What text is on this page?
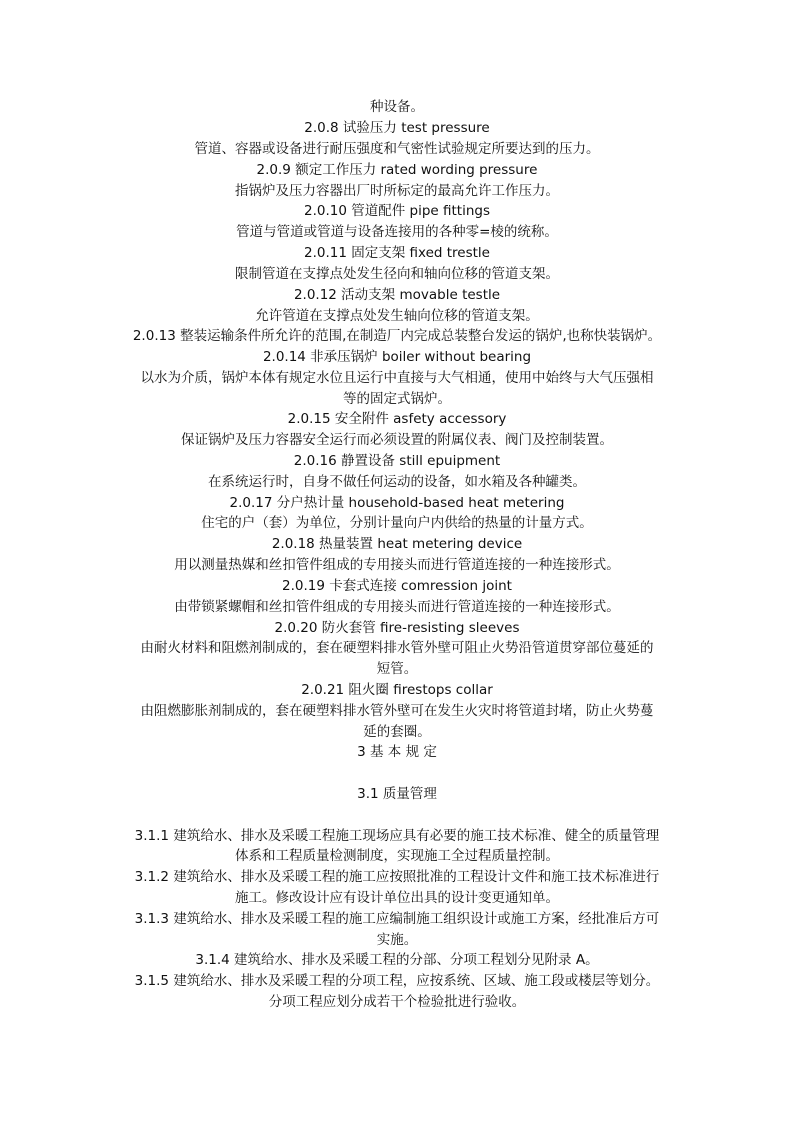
种设备。
2.0.8 试验压力 test pressure
管道、容器或设备进行耐压强度和气密性试验规定所要达到的压力。
2.0.9 额定工作压力 rated wording pressure
指锅炉及压力容器出厂时所标定的最高允许工作压力。
2.0.10 管道配件 pipe fittings
管道与管道或管道与设备连接用的各种零=棱的统称。
2.0.11 固定支架 fixed trestle
限制管道在支撑点处发生径向和轴向位移的管道支架。
2.0.12 活动支架 movable testle
允许管道在支撑点处发生轴向位移的管道支架。
2.0.13 整装运输条件所允许的范围,在制造厂内完成总装整台发运的锅炉,也称快装锅炉。
2.0.14 非承压锅炉 boiler without bearing
以水为介质，锅炉本体有规定水位且运行中直接与大气相通，使用中始终与大气压强相
等的固定式锅炉。
2.0.15 安全附件 asfety accessory
保证锅炉及压力容器安全运行而必须设置的附属仪表、阀门及控制装置。
2.0.16 静置设备 still epuipment
在系统运行时，自身不做任何运动的设备，如水箱及各种罐类。
2.0.17 分户热计量 household-based heat metering
住宅的户（套）为单位，分别计量向户内供给的热量的计量方式。
2.0.18 热量装置 heat metering device
用以测量热媒和丝扣管件组成的专用接头而进行管道连接的一种连接形式。
2.0.19 卡套式连接 comression joint
由带锁紧螺帽和丝扣管件组成的专用接头而进行管道连接的一种连接形式。
2.0.20 防火套管 fire-resisting sleeves
由耐火材料和阻燃剂制成的，套在硬塑料排水管外壁可阻止火势沿管道贯穿部位蔓延的
短管。
2.0.21 阻火圈 firestops collar
由阻燃膨胀剂制成的，套在硬塑料排水管外壁可在发生火灾时将管道封堵，防止火势蔓
延的套圈。
3 基 本 规 定
3.1 质量管理
3.1.1 建筑给水、排水及采暖工程施工现场应具有必要的施工技术标准、健全的质量管理
体系和工程质量检测制度，实现施工全过程质量控制。
3.1.2 建筑给水、排水及采暖工程的施工应按照批准的工程设计文件和施工技术标准进行
施工。修改设计应有设计单位出具的设计变更通知单。
3.1.3 建筑给水、排水及采暖工程的施工应编制施工组织设计或施工方案，经批准后方可
实施。
3.1.4 建筑给水、排水及采暖工程的分部、分项工程划分见附录 A。
3.1.5 建筑给水、排水及采暖工程的分项工程，应按系统、区域、施工段或楼层等划分。
分项工程应划分成若干个检验批进行验收。
